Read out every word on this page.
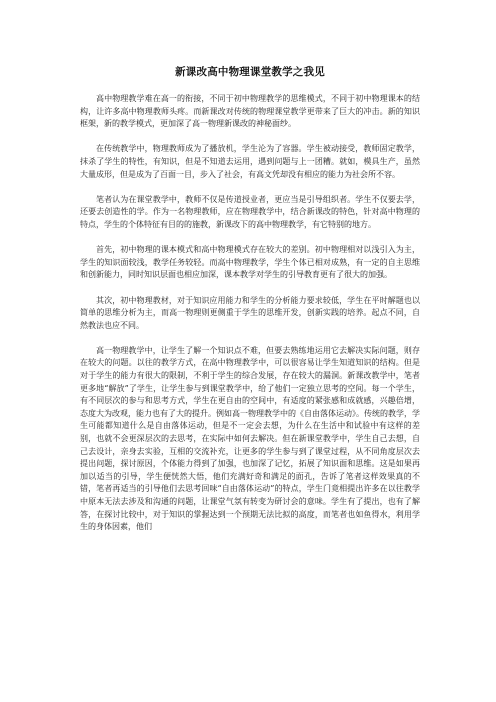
新课改高中物理课堂教学之我见

高中物理教学难在高一的衔接，不同于初中物理教学的思维模式，不同于初中物理课本的结构，让许多高中物理教师头疼。而新课改对传统的物理课堂教学更带来了巨大的冲击。新的知识框架，新的教学模式，更加深了高一物理新课改的神秘面纱。

在传统教学中，物理教师成为了播放机，学生沦为了容器。学生被动接受，教师固定教学，抹杀了学生的特性，有知识，但是不知道去运用，遇到问题与上一团糟。就如，模具生产，虽然大量成形，但是成为了百面一目，步入了社会，有高文凭却没有相应的能力为社会所不容。

笔者认为在课堂教学中，教师不仅是传道授业者，更应当是引导组织者。学生不仅要去学，还要去创造性的学。作为一名物理教师，应在物理教学中，结合新课改的特色，针对高中物理的特点，学生的个体特征有目的的施教，新课改下的高中物理教学，有它特别的地方。

首先，初中物理的课本模式和高中物理模式存在较大的差别。初中物理相对以浅引入为主，学生的知识面较浅，教学任务较轻。而高中物理教学，学生个体已相对成熟，有一定的自主思维和创新能力，同时知识层面也相应加深，课本教学对学生的引导教育更有了很大的加强。

其次，初中物理教材，对于知识应用能力和学生的分析能力要求较低，学生在平时解题也以简单的思维分析为主，而高一物理则更侧重于学生的思维开发，创新实践的培养。起点不同，自然教法也应不同。

高一物理教学中，让学生了解一个知识点不难，但要去熟练地运用它去解决实际问题，则存在较大的问题。以往的教学方式，在高中物理教学中，可以很容易让学生知道知识的结构。但是对于学生的能力有很大的限制，不利于学生的综合发展，存在较大的漏洞。新课改教学中，笔者更多地“解放”了学生，让学生参与到课堂教学中，给了他们一定独立思考的空间。每一个学生，有不同层次的参与和思考方式，学生在更自由的空间中，有适度的紧张感和成就感，兴趣倍增，态度大为改观，能力也有了大的提升。例如高一物理教学中的《自由落体运动》。传统的教学，学生可能都知道什么是自由落体运动，但是不一定会去想，为什么在生活中和试验中有这样的差别，也就不会更深层次的去思考，在实际中如何去解决。但在新课堂教学中，学生自己去想，自己去设计，亲身去实验，互相的交流补充，让更多的学生参与到了课堂过程，从不同角度层次去提出问题，探讨原因，个体能力得到了加强，也加深了记忆，拓展了知识面和思维。这是如果再加以适当的引导，学生便恍然大悟，他们充满好奇和满足的面孔，告诉了笔者这样效果真的不错，笔者再适当的引导他们去思考回味“自由落体运动”的特点，学生门竟相提出许多在以往教学中原本无法去涉及和沟通的问题，让课堂气氛有转变为研讨会的意味。学生有了提出，也有了解答，在探讨比较中，对于知识的掌握达到一个预期无法比拟的高度，而笔者也如鱼得水，利用学生的身体因素，他们
